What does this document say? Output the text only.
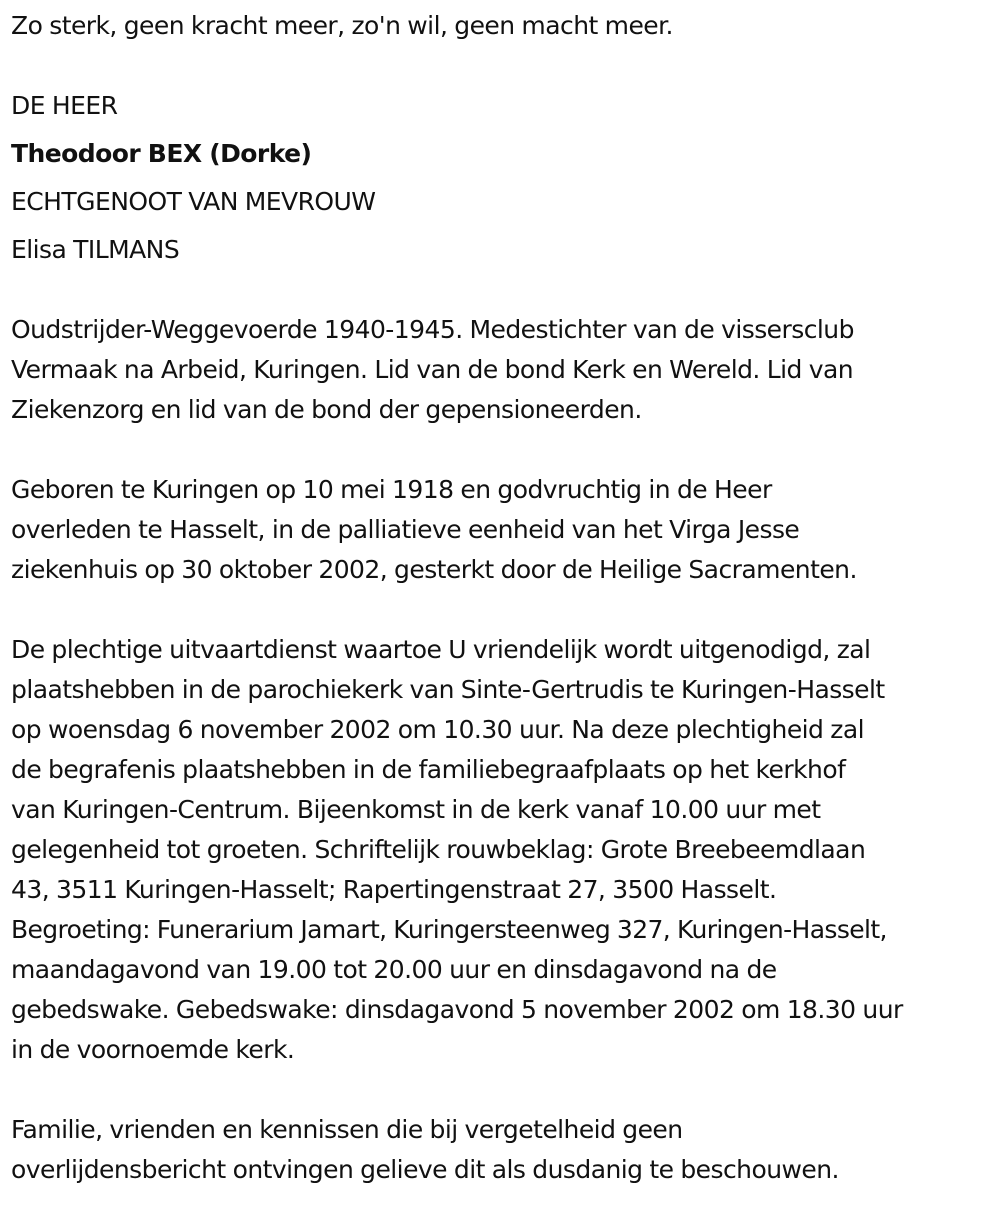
Zo sterk, geen kracht meer, zo'n wil, geen macht meer.
DE HEER
Theodoor BEX (Dorke)
ECHTGENOOT VAN MEVROUW
Elisa TILMANS
Oudstrijder-Weggevoerde 1940-1945. Medestichter van de vissersclub
Vermaak na Arbeid, Kuringen. Lid van de bond Kerk en Wereld. Lid van
Ziekenzorg en lid van de bond der gepensioneerden.
Geboren te Kuringen op 10 mei 1918 en godvruchtig in de Heer
overleden te Hasselt, in de palliatieve eenheid van het Virga Jesse
ziekenhuis op 30 oktober 2002, gesterkt door de Heilige Sacramenten.
De plechtige uitvaartdienst waartoe U vriendelijk wordt uitgenodigd, zal
plaatshebben in de parochiekerk van Sinte-Gertrudis te Kuringen-Hasselt
op woensdag 6 november 2002 om 10.30 uur. Na deze plechtigheid zal
de begrafenis plaatshebben in de familiebegraafplaats op het kerkhof
van Kuringen-Centrum. Bijeenkomst in de kerk vanaf 10.00 uur met
gelegenheid tot groeten. Schriftelijk rouwbeklag: Grote Breebeemdlaan
43, 3511 Kuringen-Hasselt; Rapertingenstraat 27, 3500 Hasselt.
Begroeting: Funerarium Jamart, Kuringersteenweg 327, Kuringen-Hasselt,
maandagavond van 19.00 tot 20.00 uur en dinsdagavond na de
gebedswake. Gebedswake: dinsdagavond 5 november 2002 om 18.30 uur
in de voornoemde kerk.
Familie, vrienden en kennissen die bij vergetelheid geen
overlijdensbericht ontvingen gelieve dit als dusdanig te beschouwen.
